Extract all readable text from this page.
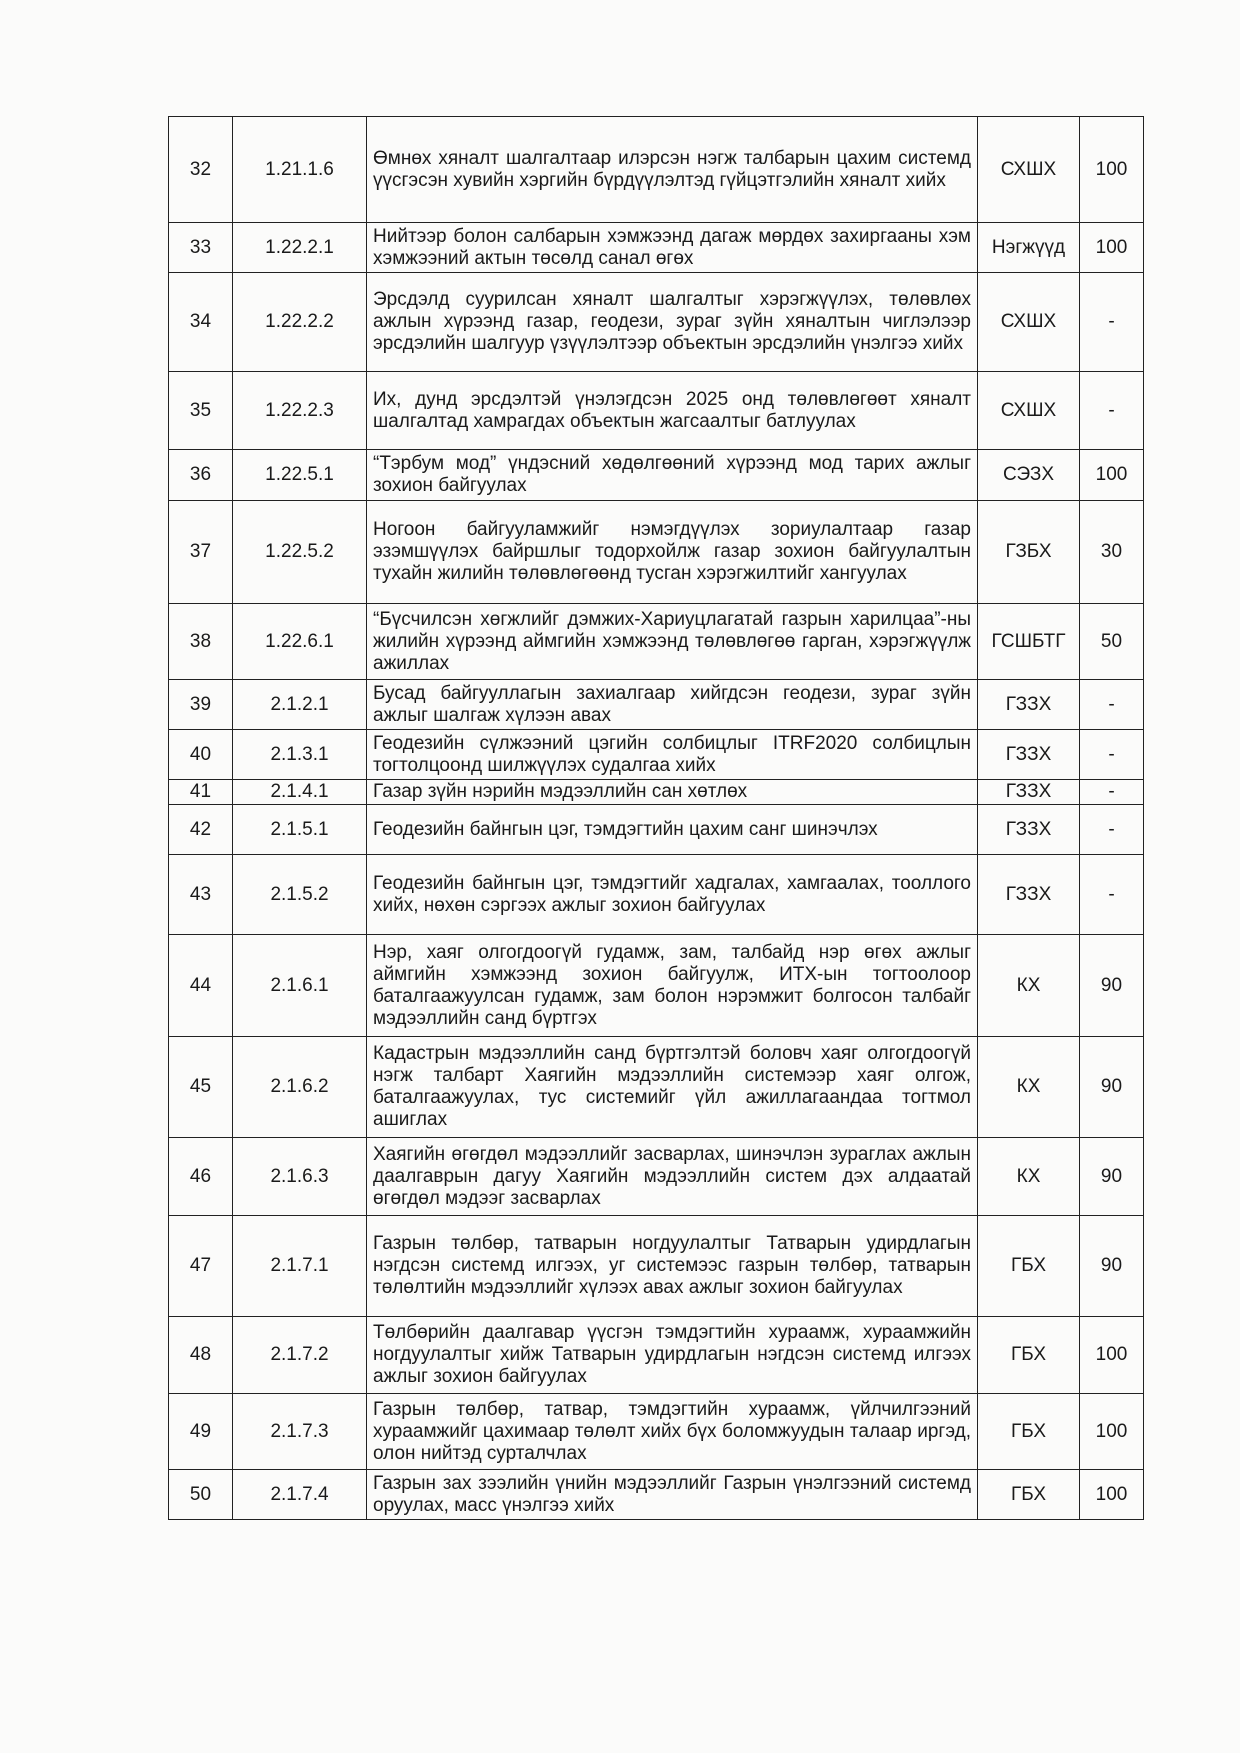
32	1.21.1.6	Өмнөх хяналт шалгалтаар илэрсэн нэгж талбарын цахим системд үүсгэсэн хувийн хэргийн бүрдүүлэлтэд гүйцэтгэлийн хяналт хийх	СХШХ	100
33	1.22.2.1	Нийтээр болон салбарын хэмжээнд дагаж мөрдөх захиргааны хэм хэмжээний актын төсөлд санал өгөх	Нэгжүүд	100
34	1.22.2.2	Эрсдэлд суурилсан хяналт шалгалтыг хэрэгжүүлэх, төлөвлөх ажлын хүрээнд газар, геодези, зураг зүйн хяналтын чиглэлээр эрсдэлийн шалгуур үзүүлэлтээр объектын эрсдэлийн үнэлгээ хийх	СХШХ	-
35	1.22.2.3	Их, дунд эрсдэлтэй үнэлэгдсэн 2025 онд төлөвлөгөөт хяналт шалгалтад хамрагдах объектын жагсаалтыг батлуулах	СХШХ	-
36	1.22.5.1	“Тэрбум мод” үндэсний хөдөлгөөний хүрээнд мод тарих ажлыг зохион байгуулах	СЭЗХ	100
37	1.22.5.2	Ногоон байгууламжийг нэмэгдүүлэх зориулалтаар газар эзэмшүүлэх байршлыг тодорхойлж газар зохион байгуулалтын тухайн жилийн төлөвлөгөөнд тусган хэрэгжилтийг хангуулах	ГЗБХ	30
38	1.22.6.1	“Бүсчилсэн хөгжлийг дэмжих-Хариуцлагатай газрын харилцаа”-ны жилийн хүрээнд аймгийн хэмжээнд төлөвлөгөө гарган, хэрэгжүүлж ажиллах	ГСШБТГ	50
39	2.1.2.1	Бусад байгууллагын захиалгаар хийгдсэн геодези, зураг зүйн ажлыг шалгаж хүлээн авах	ГЗЗХ	-
40	2.1.3.1	Геодезийн сүлжээний цэгийн солбицлыг ITRF2020 солбицлын тогтолцоонд шилжүүлэх судалгаа хийх	ГЗЗХ	-
41	2.1.4.1	Газар зүйн нэрийн мэдээллийн сан хөтлөх	ГЗЗХ	-
42	2.1.5.1	Геодезийн байнгын цэг, тэмдэгтийн цахим санг шинэчлэх	ГЗЗХ	-
43	2.1.5.2	Геодезийн байнгын цэг, тэмдэгтийг хадгалах, хамгаалах, тооллого хийх, нөхөн сэргээх ажлыг зохион байгуулах	ГЗЗХ	-
44	2.1.6.1	Нэр, хаяг олгогдоогүй гудамж, зам, талбайд нэр өгөх ажлыг аймгийн хэмжээнд зохион байгуулж, ИТХ-ын тогтоолоор баталгаажуулсан гудамж, зам болон нэрэмжит болгосон талбайг мэдээллийн санд бүртгэх	КХ	90
45	2.1.6.2	Кадастрын мэдээллийн санд бүртгэлтэй боловч хаяг олгогдоогүй нэгж талбарт Хаягийн мэдээллийн системээр хаяг олгож, баталгаажуулах, тус системийг үйл ажиллагаандаа тогтмол ашиглах	КХ	90
46	2.1.6.3	Хаягийн өгөгдөл мэдээллийг засварлах, шинэчлэн зураглах ажлын даалгаврын дагуу Хаягийн мэдээллийн систем дэх алдаатай өгөгдөл мэдээг засварлах	КХ	90
47	2.1.7.1	Газрын төлбөр, татварын ногдуулалтыг Татварын удирдлагын нэгдсэн системд илгээх, уг системээс газрын төлбөр, татварын төлөлтийн мэдээллийг хүлээх авах ажлыг зохион байгуулах	ГБХ	90
48	2.1.7.2	Төлбөрийн даалгавар үүсгэн тэмдэгтийн хураамж, хураамжийн ногдуулалтыг хийж Татварын удирдлагын нэгдсэн системд илгээх ажлыг зохион байгуулах	ГБХ	100
49	2.1.7.3	Газрын төлбөр, татвар, тэмдэгтийн хураамж, үйлчилгээний хураамжийг цахимаар төлөлт хийх бүх боломжуудын талаар иргэд, олон нийтэд сурталчлах	ГБХ	100
50	2.1.7.4	Газрын зах зээлийн үнийн мэдээллийг Газрын үнэлгээний системд оруулах, масс үнэлгээ хийх	ГБХ	100
